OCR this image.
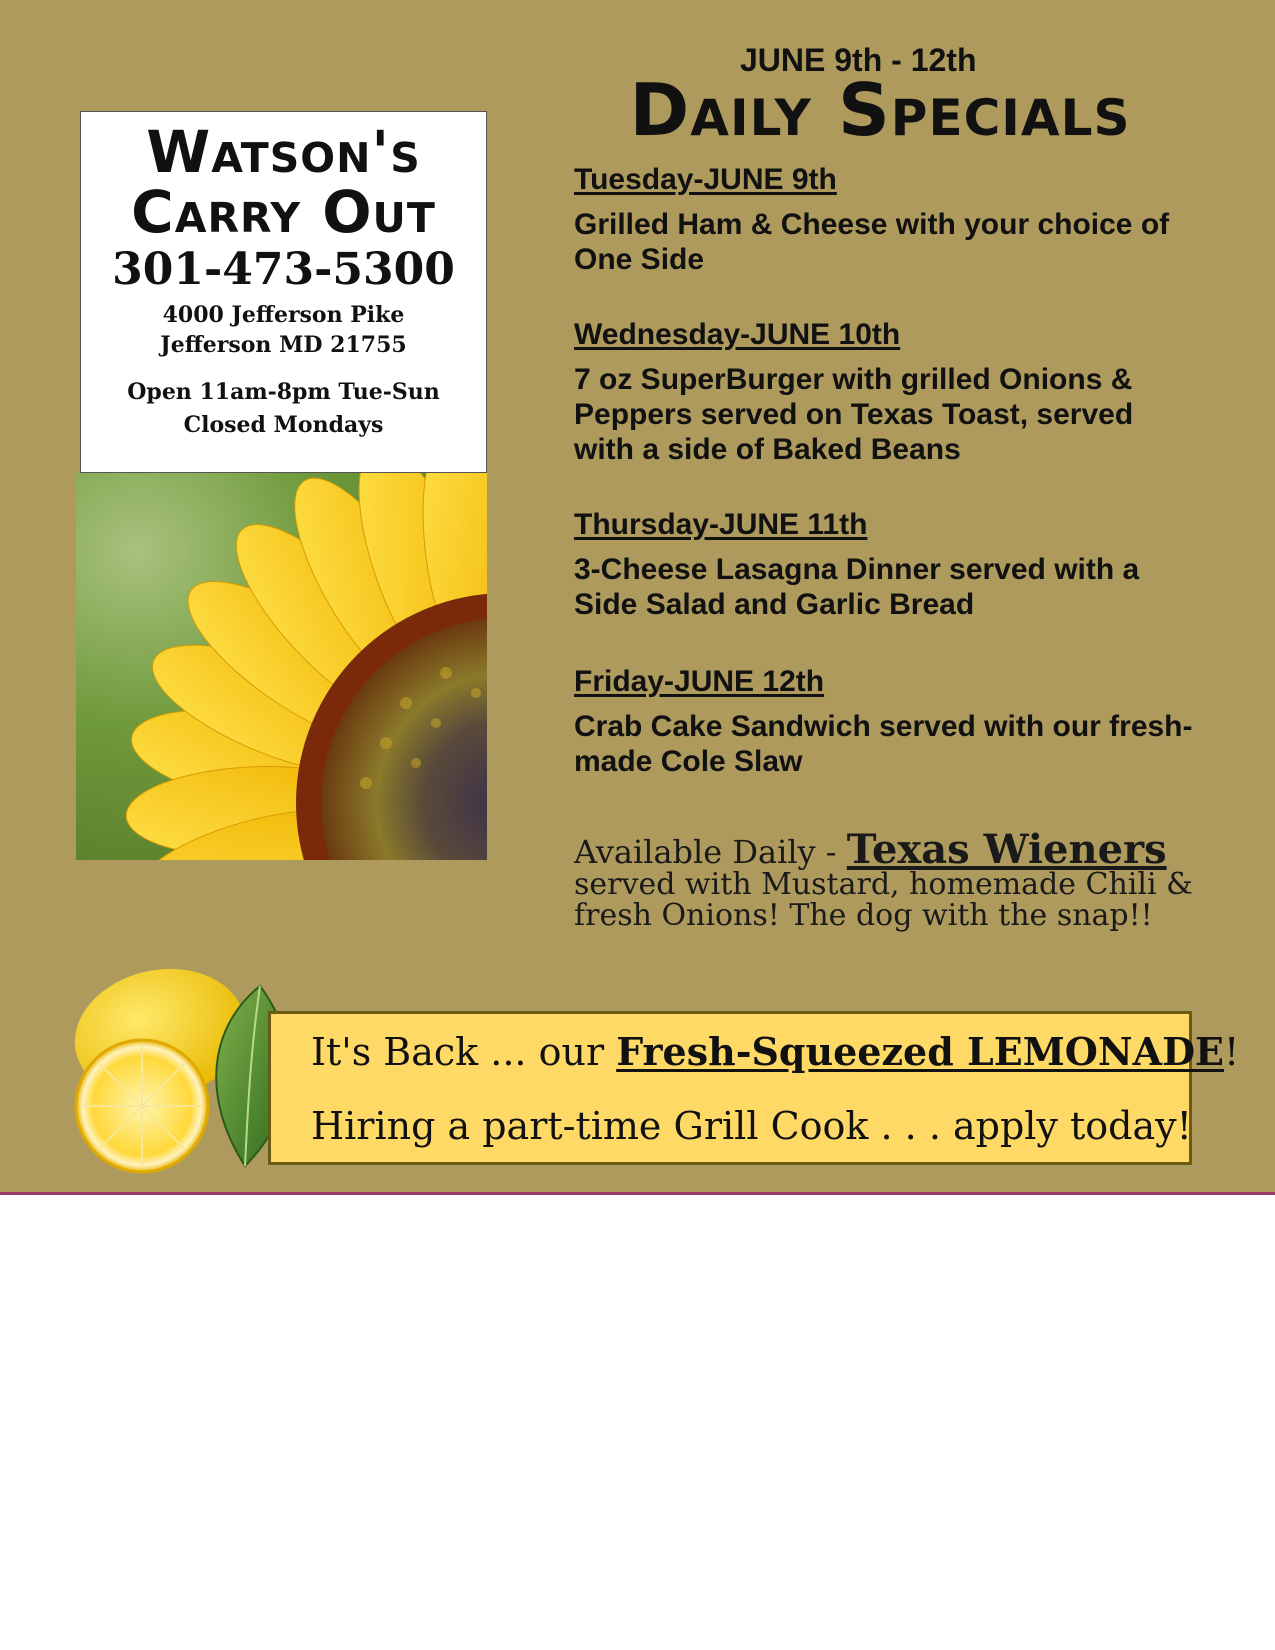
Watson's
Carry Out
301-473-5300
4000 Jefferson Pike
Jefferson MD 21755
Open 11am-8pm Tue-Sun
Closed Mondays
JUNE 9th - 12th
Daily Specials
Tuesday-JUNE 9th
Grilled Ham & Cheese with your choice of One Side
Wednesday-JUNE 10th
7 oz SuperBurger with grilled Onions & Peppers served on Texas Toast, served with a side of Baked Beans
Thursday-JUNE 11th
3-Cheese Lasagna Dinner served with a Side Salad and Garlic Bread
Friday-JUNE 12th
Crab Cake Sandwich served with our fresh-made Cole Slaw
Available Daily - Texas Wieners
served with Mustard, homemade Chili & fresh Onions! The dog with the snap!!
It's Back ... our Fresh-Squeezed LEMONADE!
Hiring a part-time Grill Cook . . . apply today!
